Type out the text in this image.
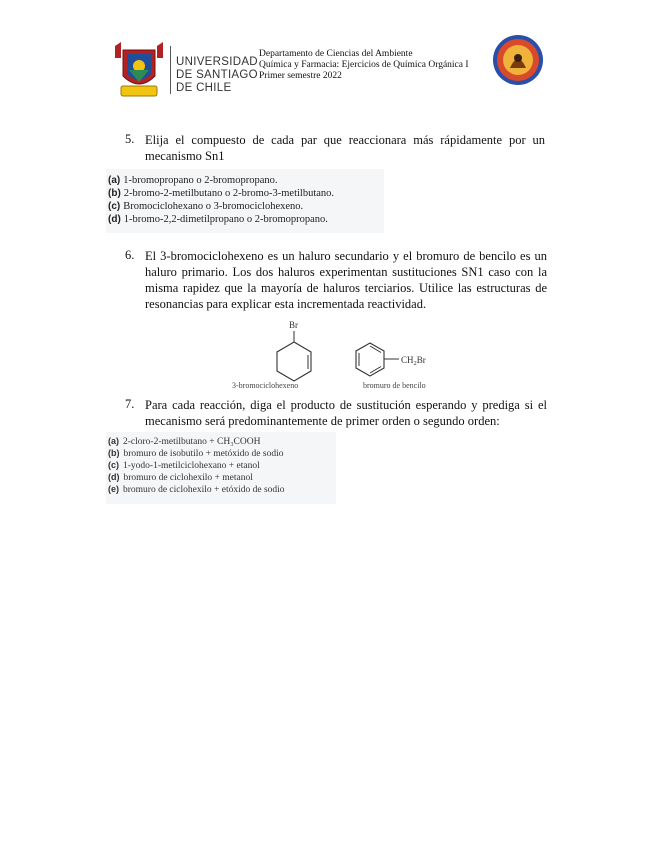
UNIVERSIDAD
DE SANTIAGO
DE CHILE
Departamento de Ciencias del Ambiente
Química y Farmacia: Ejercicios de Química Orgánica I
Primer semestre 2022
5. Elija el compuesto de cada par que reaccionara más rápidamente por un mecanismo Sn1
(a) 1-bromopropano o 2-bromopropano.
(b) 2-bromo-2-metilbutano o 2-bromo-3-metilbutano.
(c) Bromociclohexano o 3-bromociclohexeno.
(d) 1-bromo-2,2-dimetilpropano o 2-bromopropano.
6. El 3-bromociclohexeno es un haluro secundario y el bromuro de bencilo es un haluro primario. Los dos haluros experimentan sustituciones SN1 caso con la misma rapidez que la mayoría de haluros terciarios. Utilice las estructuras de resonancias para explicar esta incrementada reactividad.
Br
3-bromociclohexeno
$CH_2Br$
bromuro de bencilo
7. Para cada reacción, diga el producto de sustitución esperando y prediga si el mecanismo será predominantemente de primer orden o segundo orden:
(a) 2-cloro-2-metilbutano + CH₃COOH
(b) bromuro de isobutilo + metóxido de sodio
(c) 1-yodo-1-metilciclohexano + etanol
(d) bromuro de ciclohexilo + metanol
(e) bromuro de ciclohexilo + etóxido de sodio
